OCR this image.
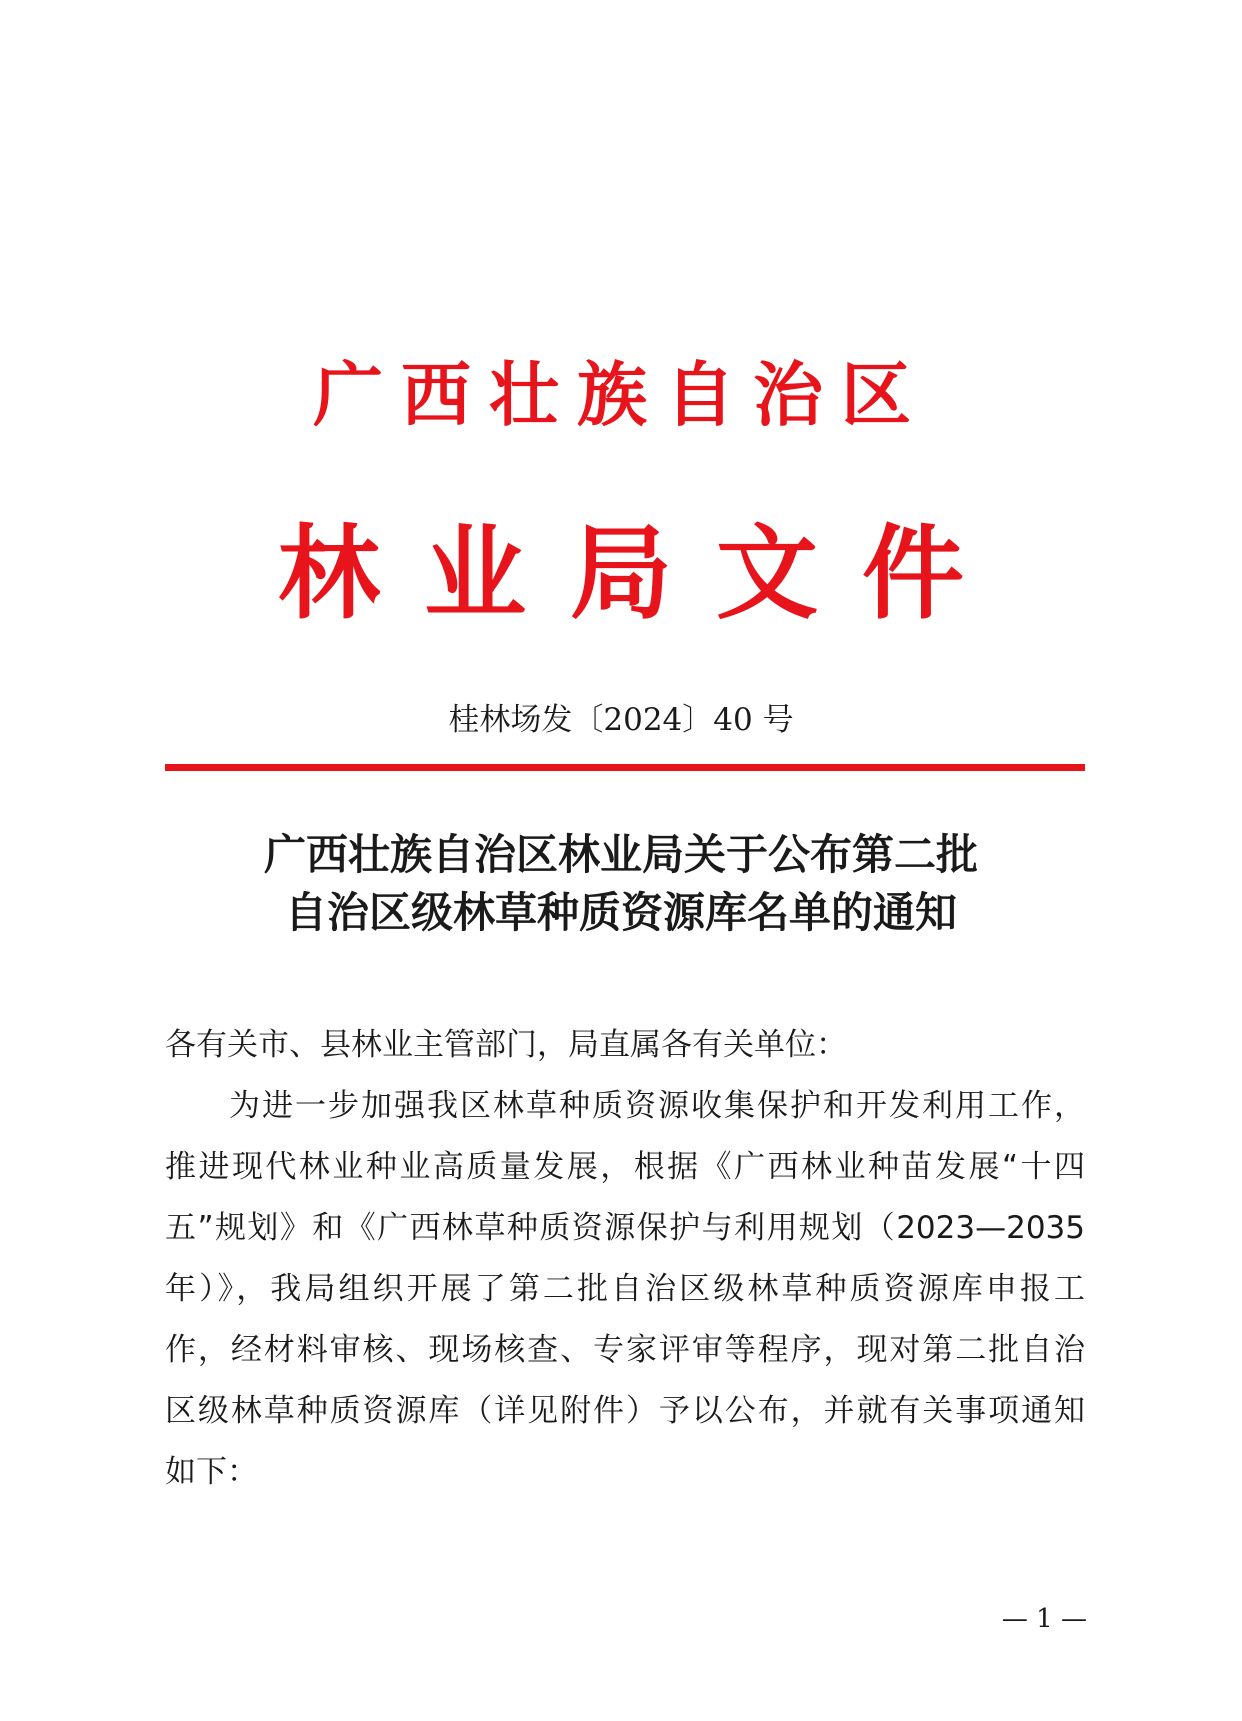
广西壮族自治区
林业局文件
桂林场发〔2024〕40 号
广西壮族自治区林业局关于公布第二批
自治区级林草种质资源库名单的通知
各有关市、县林业主管部门，局直属各有关单位：
为进一步加强我区林草种质资源收集保护和开发利用工作，
推进现代林业种业高质量发展，根据《广西林业种苗发展“十四
五”规划》和《广西林草种质资源保护与利用规划（2023—2035
年）》，我局组织开展了第二批自治区级林草种质资源库申报工
作，经材料审核、现场核查、专家评审等程序，现对第二批自治
区级林草种质资源库（详见附件）予以公布，并就有关事项通知
如下：
— 1 —
